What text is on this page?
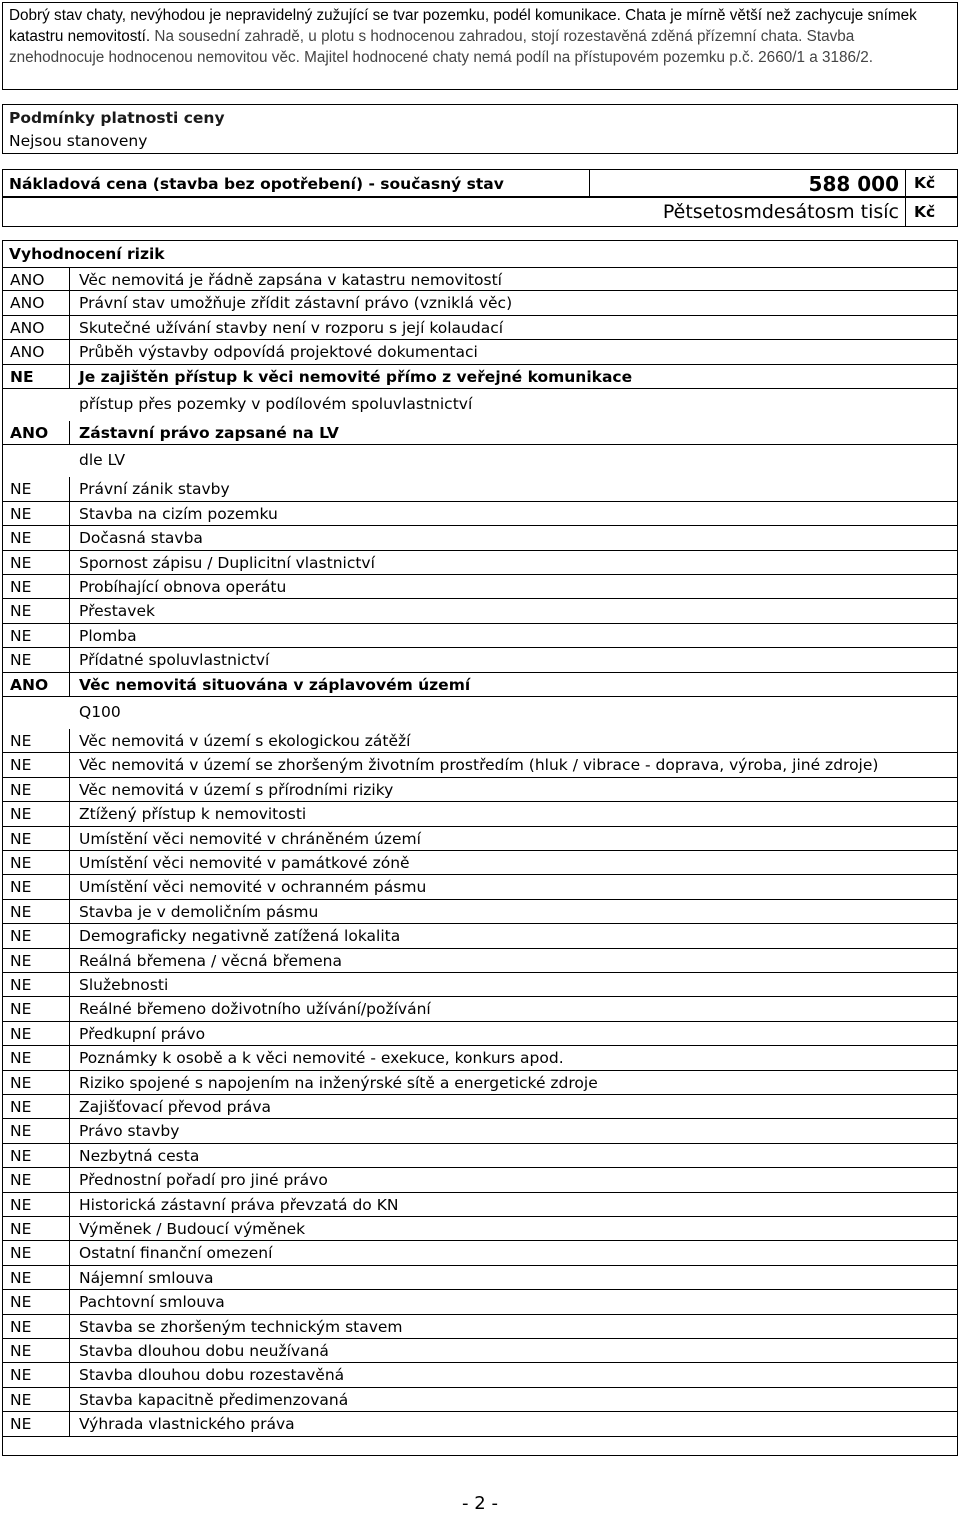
Dobrý stav chaty, nevýhodou je nepravidelný zužující se tvar pozemku, podél komunikace. Chata je mírně větší než zachycuje snímek katastru nemovitostí. Na sousední zahradě, u plotu s hodnocenou zahradou, stojí rozestavěná zděná přízemní chata. Stavba znehodnocuje hodnocenou nemovitou věc. Majitel hodnocené chaty nemá podíl na přístupovém pozemku p.č. 2660/1 a 3186/2.
Podmínky platnosti ceny
Nejsou stanoveny
Nákladová cena (stavba bez opotřebení) - současný stav	588 000 Kč
Pětsetosmdesátosm tisíc Kč
Vyhodnocení rizik
ANO Věc nemovitá je řádně zapsána v katastru nemovitostí
ANO Právní stav umožňuje zřídit zástavní právo (vzniklá věc)
ANO Skutečné užívání stavby není v rozporu s její kolaudací
ANO Průběh výstavby odpovídá projektové dokumentaci
NE	Je zajištěn přístup k věci nemovité přímo z veřejné komunikace
přístup přes pozemky v podílovém spoluvlastnictví
ANO Zástavní právo zapsané na LV
dle LV
NE	Právní zánik stavby
NE	Stavba na cizím pozemku
NE	Dočasná stavba
NE	Spornost zápisu / Duplicitní vlastnictví
NE	Probíhající obnova operátu
NE	Přestavek
NE	Plomba
NE	Přídatné spoluvlastnictví
ANO Věc nemovitá situována v záplavovém území
Q100
NE	Věc nemovitá v území s ekologickou zátěží
NE	Věc nemovitá v území se zhoršeným životním prostředím (hluk / vibrace - doprava, výroba, jiné zdroje)
NE	Věc nemovitá v území s přírodními riziky
NE	Ztížený přístup k nemovitosti
NE	Umístění věci nemovité v chráněném území
NE	Umístění věci nemovité v památkové zóně
NE	Umístění věci nemovité v ochranném pásmu
NE	Stavba je v demoličním pásmu
NE	Demograficky negativně zatížená lokalita
NE	Reálná břemena / věcná břemena
NE	Služebnosti
NE	Reálné břemeno doživotního užívání/požívání
NE	Předkupní právo
NE	Poznámky k osobě a k věci nemovité - exekuce, konkurs apod.
NE	Riziko spojené s napojením na inženýrské sítě a energetické zdroje
NE	Zajišťovací převod práva
NE	Právo stavby
NE	Nezbytná cesta
NE	Přednostní pořadí pro jiné právo
NE	Historická zástavní práva převzatá do KN
NE	Výměnek / Budoucí výměnek
NE	Ostatní finanční omezení
NE	Nájemní smlouva
NE	Pachtovní smlouva
NE	Stavba se zhoršeným technickým stavem
NE	Stavba dlouhou dobu neužívaná
NE	Stavba dlouhou dobu rozestavěná
NE	Stavba kapacitně předimenzovaná
NE	Výhrada vlastnického práva
- 2 -
